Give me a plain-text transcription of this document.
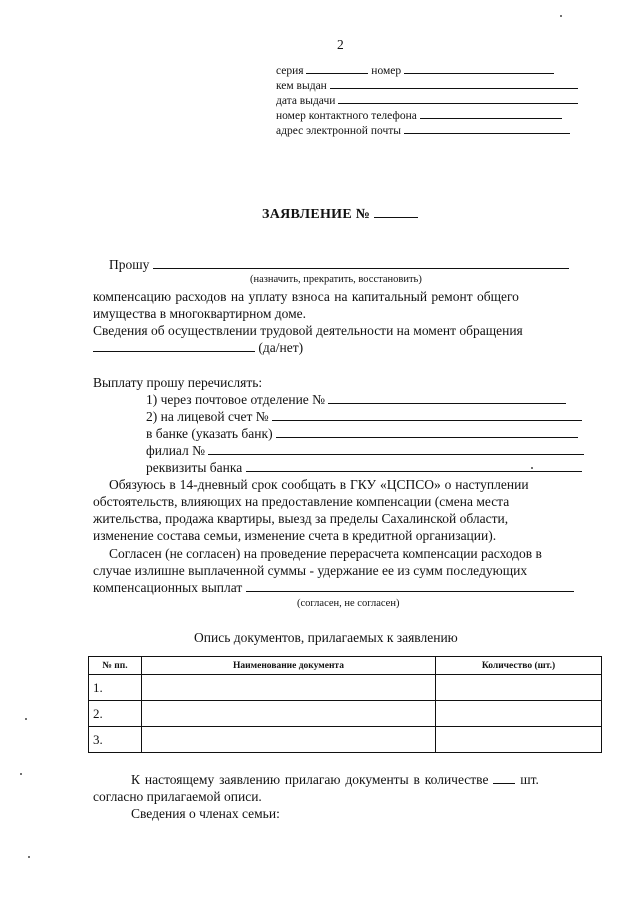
2
серия	номер
кем выдан
дата выдачи
номер контактного телефона
адрес электронной почты
ЗАЯВЛЕНИЕ №
Прошу
(назначить, прекратить, восстановить)
компенсацию расходов на уплату взноса на капитальный ремонт общего
имущества в многоквартирном доме.
Сведения об осуществлении трудовой деятельности на момент обращения
(да/нет)
Выплату прошу перечислять:
1) через почтовое отделение №
2) на лицевой счет №
в банке (указать банк)
филиал №
реквизиты банка
Обязуюсь в 14-дневный срок сообщать в ГКУ «ЦСПСО» о наступлении
обстоятельств, влияющих на предоставление компенсации (смена места
жительства, продажа квартиры, выезд за пределы Сахалинской области,
изменение состава семьи, изменение счета в кредитной организации).
Согласен (не согласен) на проведение перерасчета компенсации расходов в
случае излишне выплаченной суммы - удержание ее из сумм последующих
компенсационных выплат
(согласен, не согласен)
Опись документов, прилагаемых к заявлению
№ пп.	Наименование документа	Количество (шт.)
1.		
2.		
3.		
К настоящему заявлению прилагаю документы в количестве шт.
согласно прилагаемой описи.
Сведения о членах семьи:
